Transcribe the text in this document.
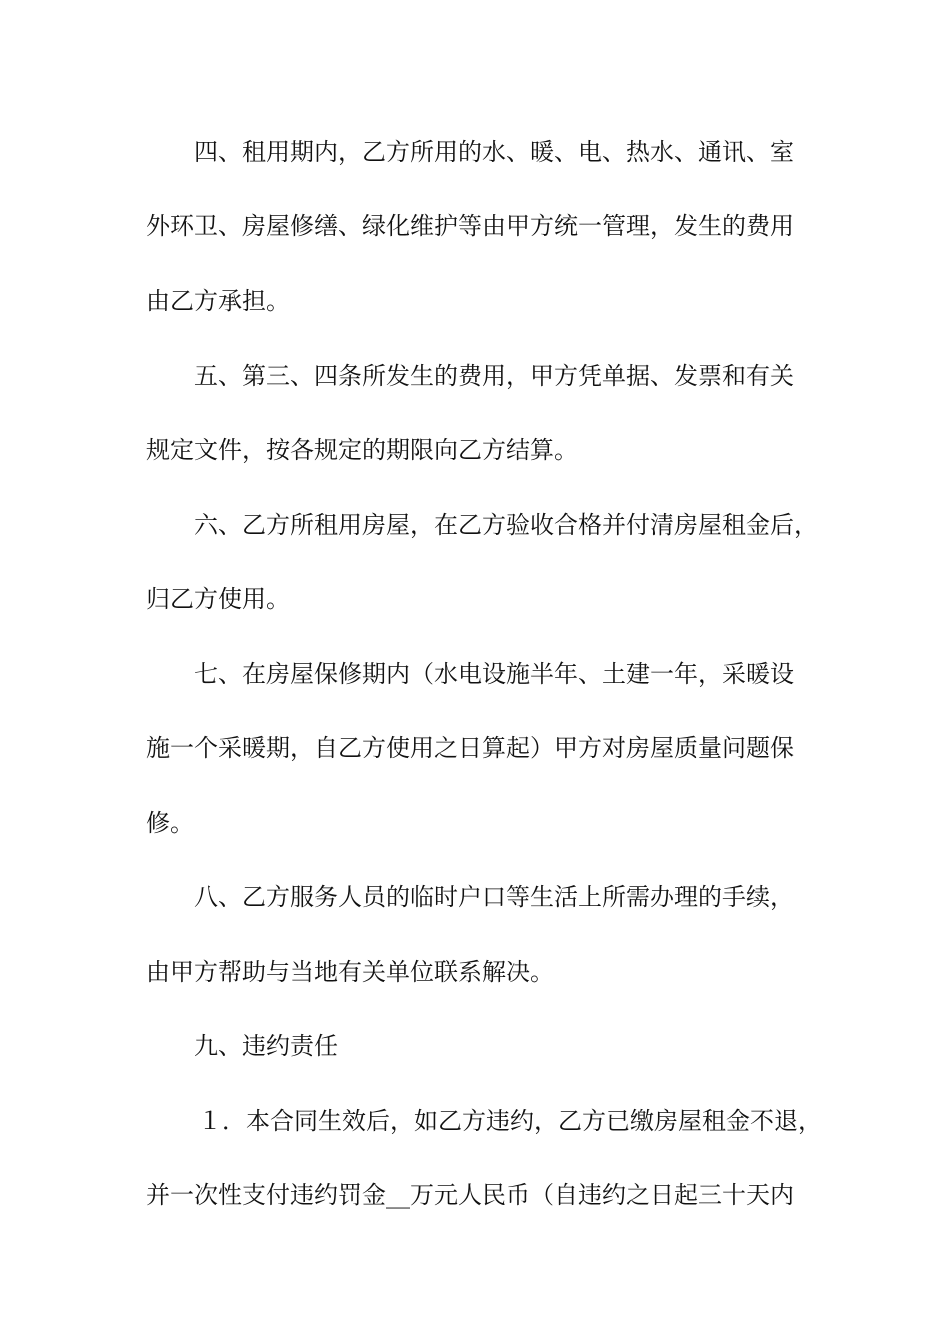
四、租用期内，乙方所用的水、暖、电、热水、通讯、室
外环卫、房屋修缮、绿化维护等由甲方统一管理，发生的费用
由乙方承担。
五、第三、四条所发生的费用，甲方凭单据、发票和有关
规定文件，按各规定的期限向乙方结算。
六、乙方所租用房屋，在乙方验收合格并付清房屋租金后，
归乙方使用。
七、在房屋保修期内（水电设施半年、土建一年，采暖设
施一个采暖期，自乙方使用之日算起）甲方对房屋质量问题保
修。
八、乙方服务人员的临时户口等生活上所需办理的手续，
由甲方帮助与当地有关单位联系解决。
九、违约责任
１．本合同生效后，如乙方违约，乙方已缴房屋租金不退，
并一次性支付违约罚金__万元人民币（自违约之日起三十天内
